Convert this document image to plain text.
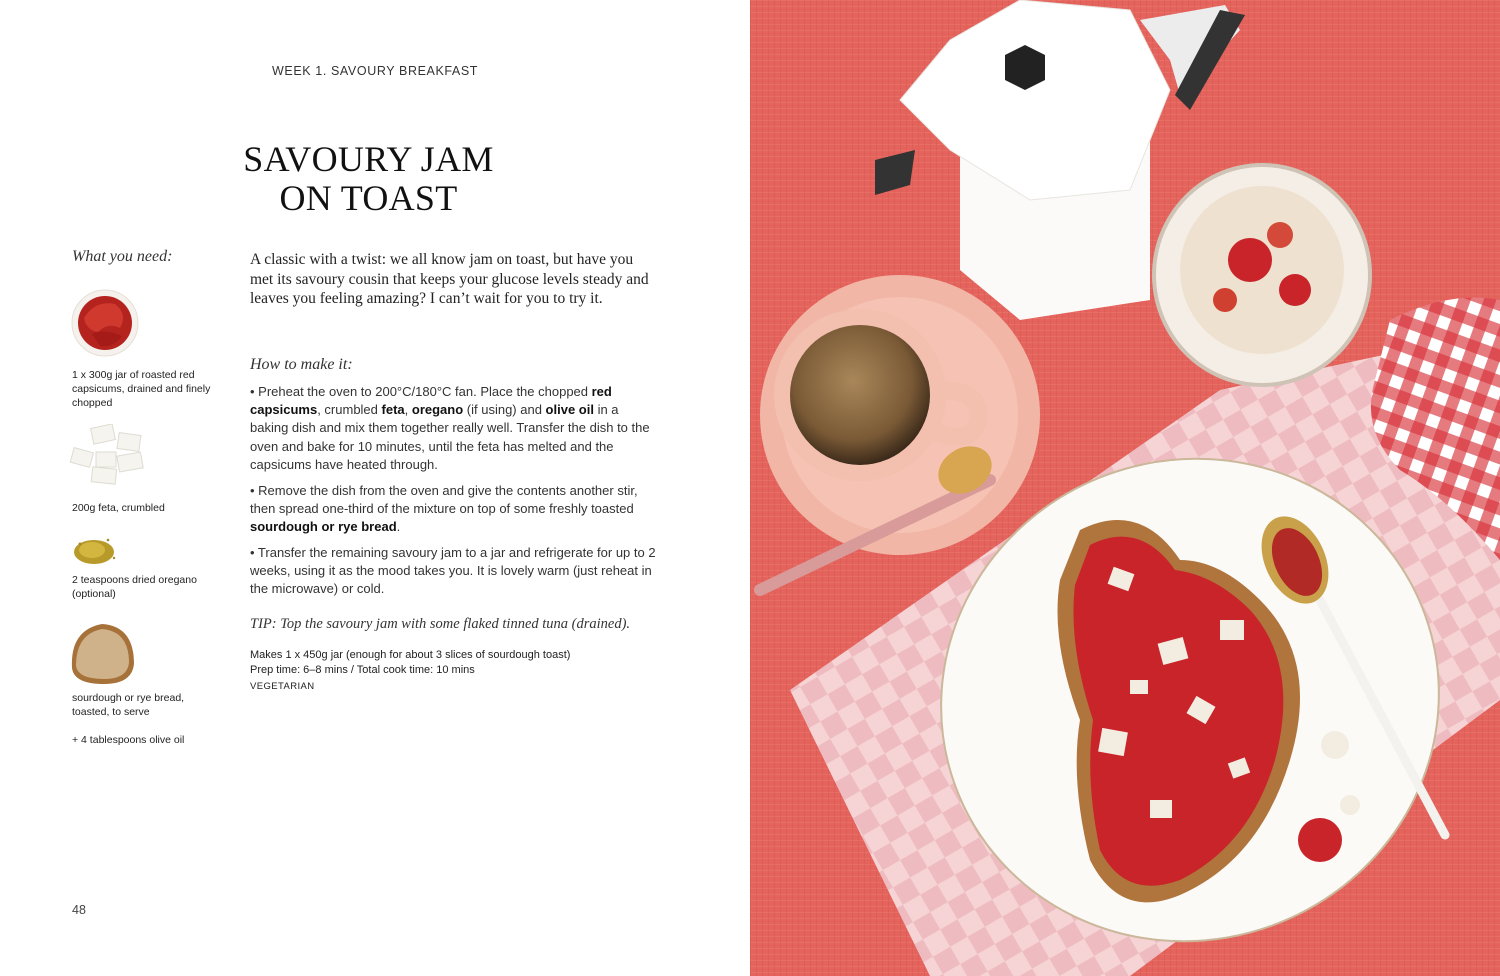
WEEK 1. SAVOURY BREAKFAST
SAVOURY JAM
ON TOAST
What you need:
1 x 300g jar of roasted red capsicums, drained and finely chopped
200g feta, crumbled
2 teaspoons dried oregano (optional)
sourdough or rye bread, toasted, to serve
+ 4 tablespoons olive oil
A classic with a twist: we all know jam on toast, but have you met its savoury cousin that keeps your glucose levels steady and leaves you feeling amazing? I can’t wait for you to try it.
How to make it:
• Preheat the oven to 200°C/180°C fan. Place the chopped red capsicums, crumbled feta, oregano (if using) and olive oil in a baking dish and mix them together really well. Transfer the dish to the oven and bake for 10 minutes, until the feta has melted and the capsicums have heated through.
• Remove the dish from the oven and give the contents another stir, then spread one-third of the mixture on top of some freshly toasted sourdough or rye bread.
• Transfer the remaining savoury jam to a jar and refrigerate for up to 2 weeks, using it as the mood takes you. It is lovely warm (just reheat in the microwave) or cold.
TIP: Top the savoury jam with some flaked tinned tuna (drained).
Makes 1 x 450g jar (enough for about 3 slices of sourdough toast)
Prep time: 6–8 mins / Total cook time: 10 mins
VEGETARIAN
48
